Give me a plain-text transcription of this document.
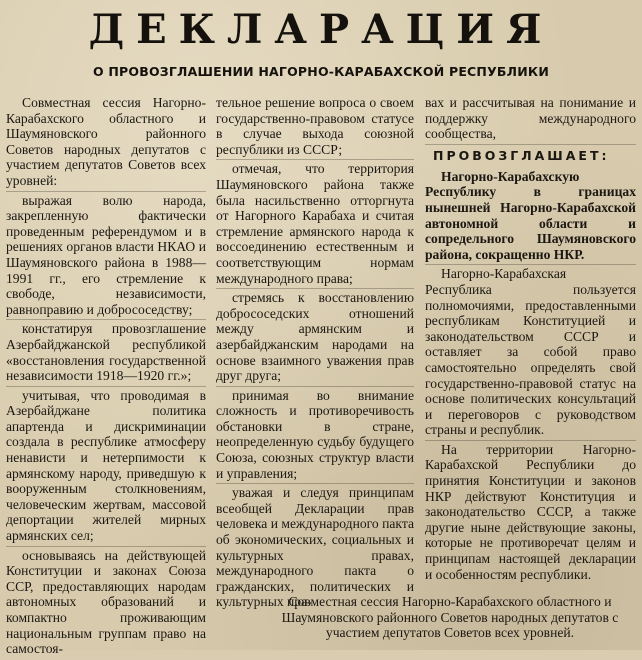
ДЕКЛАРАЦИЯ
О ПРОВОЗГЛАШЕНИИ НАГОРНО-КАРАБАХСКОЙ РЕСПУБЛИКИ

Совместная сессия Нагорно-Карабахского областного и Шаумяновского районного Советов народных депутатов с участием депутатов Советов всех уровней:

выражая волю народа, закрепленную фактически проведенным референдумом и в решениях органов власти НКАО и Шаумяновского района в 1988—1991 гг., его стремление к свободе, независимости, равноправию и добрососедству;

констатируя провозглашение Азербайджанской республикой «восстановления государственной независимости 1918—1920 гг.»;

учитывая, что проводимая в Азербайджане политика апартенда и дискриминации создала в республике атмосферу ненависти и нетерпимости к армянскому народу, приведшую к вооруженным столкновениям, человеческим жертвам, массовой депортации жителей мирных армянских сел;

основываясь на действующей Конституции и законах Союза ССР, предоставляющих народам автономных образований и компактно проживающим национальным группам право на самостоя-

тельное решение вопроса о своем государственно-правовом статусе в случае выхода союзной республики из СССР;

отмечая, что территория Шаумяновского района также была насильственно отторгнута от Нагорного Карабаха и считая стремление армянского народа к воссоединению естественным и соответствующим нормам международного права;

стремясь к восстановлению добрососедских отношений между армянским и азербайджанским народами на основе взаимного уважения прав друг друга;

принимая во внимание сложность и противоречивость обстановки в стране, неопределенную судьбу будущего Союза, союзных структур власти и управления;

уважая и следуя принципам всеобщей Декларации прав человека и международного пакта об экономических, социальных и культурных правах, международного пакта о гражданских, политических и культурных пра-

вах и рассчитывая на понимание и поддержку международного сообщества,

ПРОВОЗГЛАШАЕТ:

Нагорно-Карабахскую Республику в границах нынешней Нагорно-Карабахской автономной области и сопредельного Шаумяновского района, сокращенно НКР.

Нагорно-Карабахская Республика пользуется полномочиями, предоставленными республикам Конституцией и законодательством СССР и оставляет за собой право самостоятельно определять свой государственно-правовой статус на основе политических консультаций и переговоров с руководством страны и республик.

На территории Нагорно-Карабахской Республики до принятия Конституции и законов НКР действуют Конституция и законодательство СССР, а также другие ныне действующие законы, которые не противоречат целям и принципам настоящей декларации и особенностям республики.

Совместная сессия Нагорно-Карабахского областного и Шаумяновского районного Советов народных депутатов с участием депутатов Советов всех уровней.
